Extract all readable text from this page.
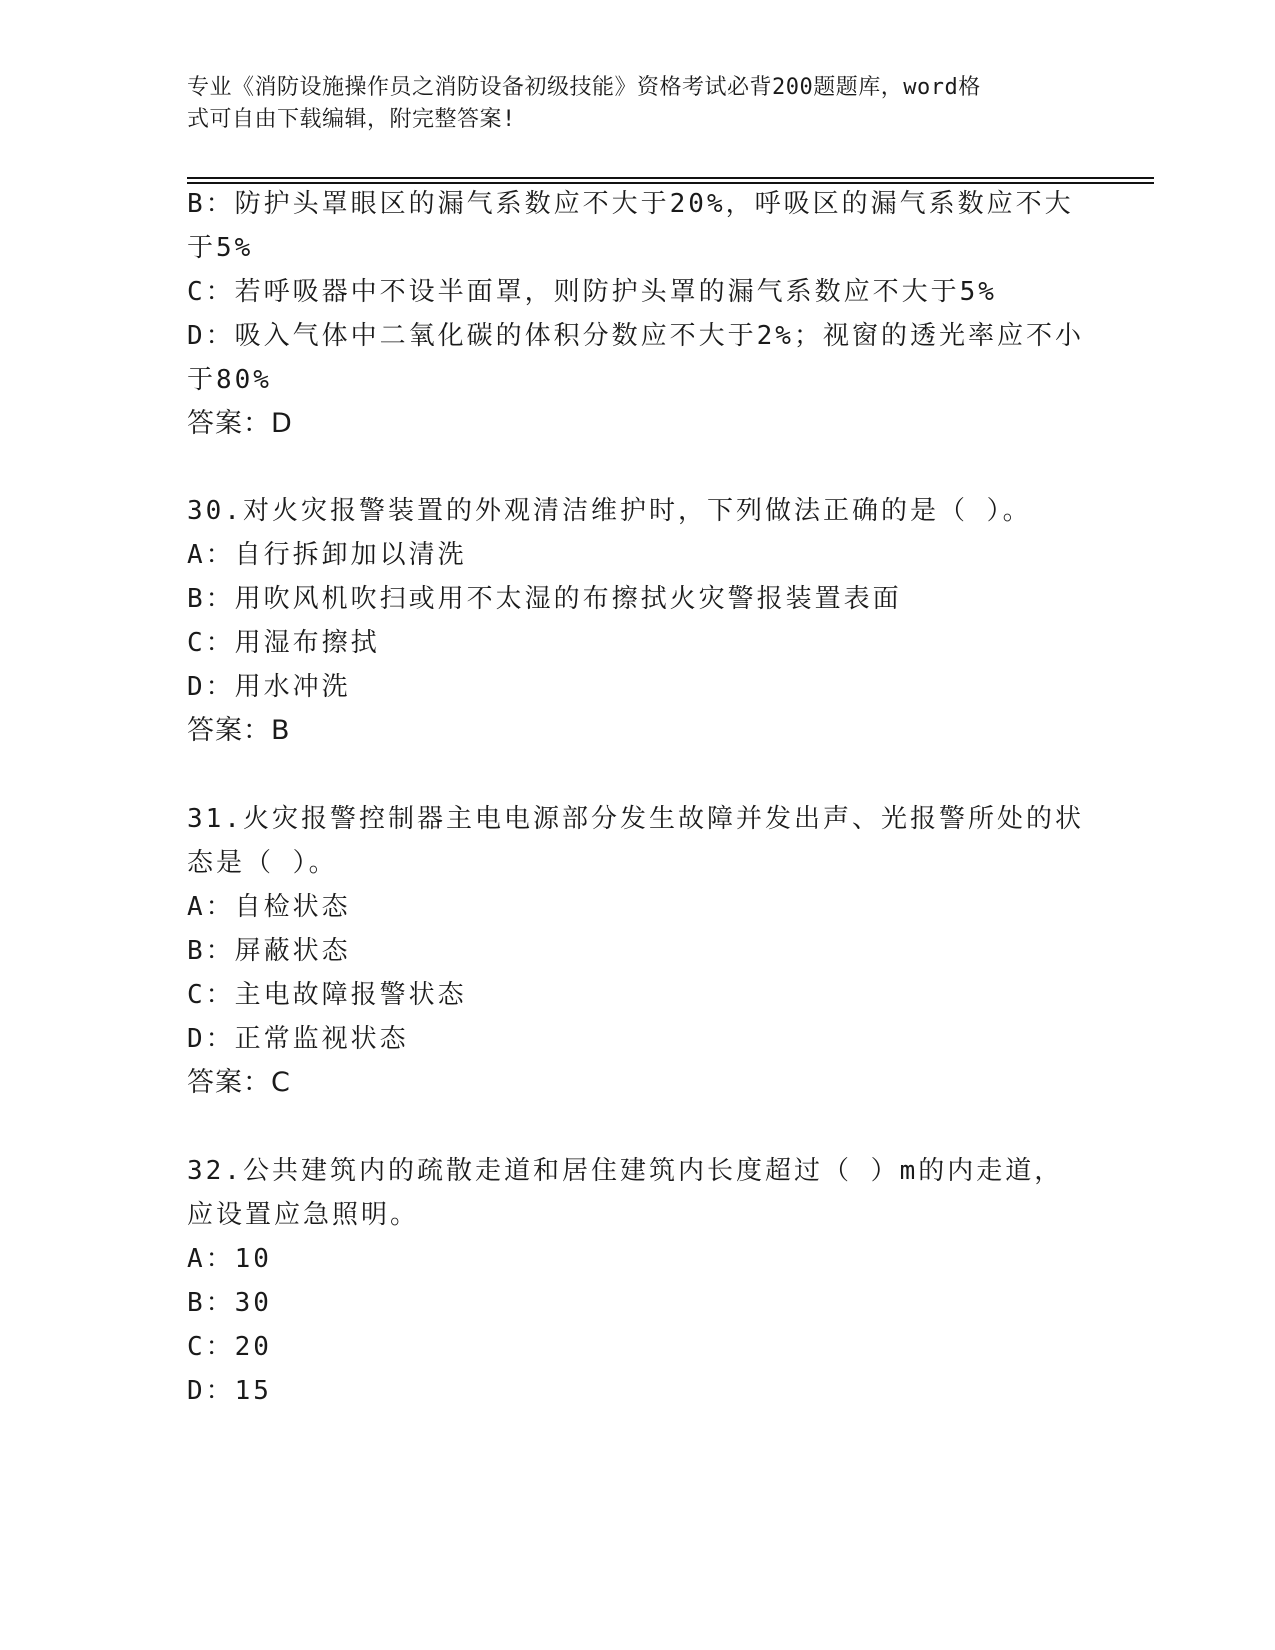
专业《消防设施操作员之消防设备初级技能》资格考试必背200题题库，word格
式可自由下载编辑，附完整答案!
B：防护头罩眼区的漏气系数应不大于20%，呼吸区的漏气系数应不大
于5%
C：若呼吸器中不设半面罩，则防护头罩的漏气系数应不大于5%
D：吸入气体中二氧化碳的体积分数应不大于2%；视窗的透光率应不小
于80%
答案：D
30.对火灾报警装置的外观清洁维护时，下列做法正确的是（ ）。
A：自行拆卸加以清洗
B：用吹风机吹扫或用不太湿的布擦拭火灾警报装置表面
C：用湿布擦拭
D：用水冲洗
答案：B
31.火灾报警控制器主电电源部分发生故障并发出声、光报警所处的状
态是（ ）。
A：自检状态
B：屏蔽状态
C：主电故障报警状态
D：正常监视状态
答案：C
32.公共建筑内的疏散走道和居住建筑内长度超过（ ）m的内走道，
应设置应急照明。
A：10
B：30
C：20
D：15
